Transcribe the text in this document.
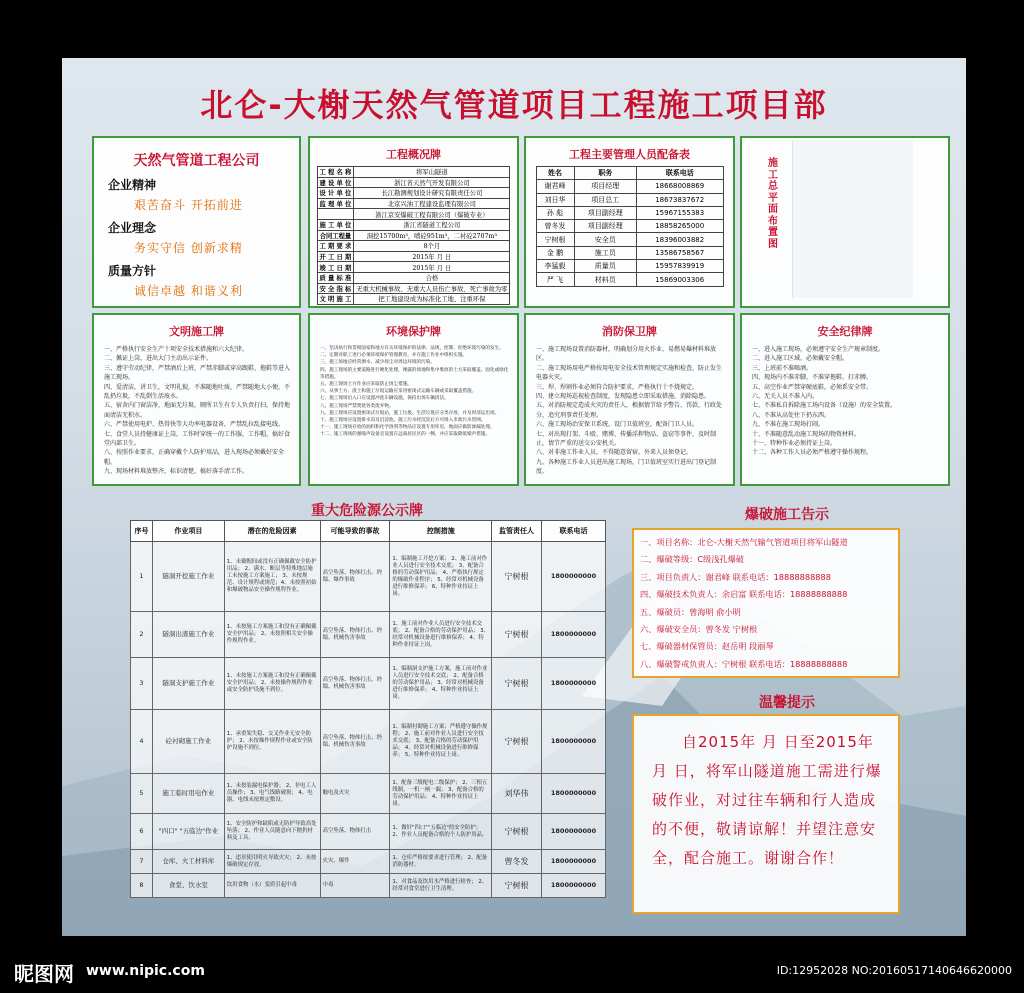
北仑-大榭天然气管道项目工程施工项目部
天然气管道工程公司
企业精神
艰苦奋斗 开拓前进
企业理念
务实守信 创新求精
质量方针
诚信卓越 和谐义利
工程概况牌
工 程 名 称	将军山隧道
建 设 单 位	浙江省天然气开发有限公司
设 计 单 位	长江勘测规划设计研究有限责任公司
监 理 单 位	北京兴油工程建设监理有限公司
	浙江京安爆破工程有限公司（爆破专业）
施 工 单 位	浙江省隧道工程公司
合同工程量	洞挖15700m³，喷砼951m³，二衬砼2707m³
工 期 要 求	8个月
开 工 日 期	2015年 月 日
竣 工 日 期	2015年 月 日
质 量 标 准	合格
安 全 指 标	无重大机械事故、无重大人员伤亡事故、死亡事故为零
文 明 施 工	把工地建设成为标准化工地、注重环保
工程主要管理人员配备表
姓名	职务	联系电话
谢君峰	项目经理	18668008869
刘日华	项目总工	18673837672
孙 彪	项目副经理	15967155383
曾冬发	项目副经理	18858265000
宁树根	安全员	18396003882
金 鹏	施工员	13586758567
李猛毅	质量员	15957839919
严 飞	材料员	15869003306
施工总平面布置图
文明施工牌
一、严格执行安全生产十项安全技术措施和六大纪律。
二、佩证上岗，进出大门主动出示证件。
三、遵守劳动纪律，严禁酒后上班，严禁赤脚或穿高跟鞋、拖鞋等进入施工现场。
四、爱清洁，讲卫生，文明礼貌，不准随地吐痰，严禁随地大小便，不乱扔垃圾，不乱倒生活废水。
五、宿舍内门窗洁净，地面无垃圾，厕所卫生有专人负责打扫，保持地面清洁无积水。
六、严禁使用电炉、热得快等大功率电器设备，严禁乱拉乱接电线。
七、食堂人员持健康证上岗，工作时穿统一的工作服，工作帽，搞好食堂内部卫生。
八、按照作业要求，正确穿戴个人防护用品，进入现场必须戴好安全帽。
九、现场材料堆放整齐，标识清楚，搞好落手清工作。
环境保护牌
一、坚决执行和贯彻国家和地方有关环境保护的法律、法规，控制、杜绝环境污染的发生。
二、定期对职工进行必须环境保护管理教育，并在施工作业中组织实施。
三、施工场地应经常洒水，减少扬尘对周边环境的污染。
四、施工现场的主要道路进行硬化处理，裸露的场地和集中堆放的土方采取覆盖、固化或绿化等措施。
五、施工现场土方作业应采取防止扬尘措施。
六、从事土方、渣土和施工垃圾运输应采用密闭式运输车辆或采取覆盖措施。
七、施工现场出入口应设置冲洗车辆设施，保持出场车辆清洁。
八、施工现场严禁焚烧各类废弃物。
九、施工现场应设置密闭式垃圾站，施工垃圾、生活垃圾应分类存放，并及时清运出场。
十、施工现场应设置排水沟及沉淀池，施工污水经沉淀后方可排入市政污水管网。
十一、施工现场存放的油料和化学溶剂等物品应设置专用库房，地面应做防渗漏处理。
十二、施工现场的强噪声设备宜设置在远离居民区的一侧，并应采取降低噪声措施。
消防保卫牌
一、施工现场设置消防器材，明确划分用火作业、易燃易爆材料堆放区。
二、施工现场用电严格按用电安全技术管理规定实施和检查，防止发生电器火灾。
三、焊、焊割作业必须符合防护要求，严格执行十不烧规定。
四、建立现场巡视检查制度，发现隐患立即采取措施，消除隐患。
五、对消防规定造成火灾的责任人，根据情节给予警告、罚款、行政处分，追究刑事责任处理。
六、施工现场治安保卫系统，设门卫值班室，配备门卫人员。
七、对出现打架、斗殴、赌博、传播淫秽物品、盗窃等事件，及时制止，情节严重的送交公安机关。
八、对非施工作业人员，不得随意留宿，外来人员须登记。
九、各种施工作业人员进出施工现场，门卫值班室实行进出门登记制度。
安全纪律牌
一、进入施工现场，必须遵守安全生产规章制度。
二、进入施工区域，必须戴安全帽。
三、上班前不准喝酒。
四、现场内不准赤脚，不准穿拖鞋、打赤膊。
五、高空作业严禁穿硬底鞋，必须系安全带。
六、无关人员不准入内。
七、不准私自拆除施工场内设备（设施）的安全装置。
八、不准从高处往下扔东西。
九、不准在施工现场打闹。
十、不准随意乱动施工现场的物资材料。
十一、特种作业必须持证上岗。
十二、各种工作人员必须严格遵守操作规程。
重大危险源公示牌
序号	作业项目	潜在的危险因素	可能导致的事故	控制措施	监管责任人	联系电话
1	隧洞开挖施工作业	1、未戴帽间或没有正确佩戴安全防护用品； 2、满水、断层等特殊地层施工未按施工方案施工； 3、未按规范、设计规程或规范；4、未按照初始和爆破物品安全操作规程作业。	高空坠落、物体打击、坍塌、爆炸事故	1、编制施工开挖方案； 2、施工前对作业人员进行安全技术交底； 3、配备合格的劳动保护用品； 4、严格执行规定的爆破作业程序； 5、经常对机械设备进行维修保养； 6、特种作业持证上岗。	宁树根	1800000000
2	隧洞出渣施工作业	1、未按施工方案施工和没有正确佩戴安全护用品； 2、未按照相关安全操作规程作业。	高空坠落、物体打击、坍塌、机械伤害事故	1、施工前对作业人员进行安全技术交底； 2、配备合格的劳动保护用品； 3、经常对机械设备进行维修保养； 4、特种作业持证上岗。	宁树根	1800000000
3	隧洞支护施工作业	1、未按施工方案施工和没有正确佩戴安全护用品； 2、未按操作规程作业或安全防护设施不到位。	高空坠落、物体打击、坍塌、机械伤害事故	1、编制洞支护施工方案，施工前对作业人员进行安全技术交底； 2、配备合格的劳动保护用品； 3、经常对机械设备进行维修保养； 4、特种作业持证上岗。	宁树根	1800000000
4	砼衬砌施工作业	1、承重架失稳、交叉作业无安全防护； 2、未按操作规程作业或安全防护设施不到位。	高空坠落、物体打击、坍塌、机械伤害事故	1、编制衬砌施工方案；严格遵守操作规程； 2、施工前对作业人员进行安全技术交底； 3、配备合格的劳动保护用品； 4、经常对机械设备进行维修保养； 5、特种作业持证上岗。	宁树根	1800000000
5	施工临时用电作业	1、未按装漏电保护器； 2、非电工人员操作； 3、电气线路破损； 4、电器、电线未按规定敷设。	触电及火灾	1、配备三级配电二级保护； 2、三相五线制，一机一闸一漏； 3、配备合格的劳动保护用品； 4、特种作业持证上岗。	刘华伟	1800000000
6	"四口" "五临边"作业	1、安全防护和缺陷或无防护导致高处坠落； 2、作业人员随意向下抛扔材料及工具。	高空坠落、物体打击	1、做好"四口""五临边"的安全防护； 2、作业人员配备合格的个人防护用品。	宁树根	1800000000
7	仓库、火工材料库	1、违章使用明火导致火灾； 2、未按爆破规定存放。	火灾、爆炸	1、仓库严格按要求进行管理； 2、配备消防器材。	曾冬发	1800000000
8	食堂、饮水室	饮用食物（水）变质引起中毒	中毒	1、对食品及饮用水严格进行检查； 2、经常对食堂进行卫生清理。	宁树根	1800000000
爆破施工告示
一、项目名称：北仑-大榭天然气输气管道项目将军山隧道
二、爆破等级：C级浅孔爆破
三、项目负责人：谢君峰 联系电话：18888888888
四、爆破技术负责人：余启富 联系电话：18888888888
五、爆破员：曾海明 俞小明
六、爆破安全员：曾冬发 宁树根
七、爆破器材保管员：赵岳明 段丽琴
八、爆破警戒负责人：宁树根 联系电话：18888888888
温馨提示
自2015年 月 日至2015年 月 日，将军山隧道施工需进行爆破作业，对过往车辆和行人造成的不便，敬请谅解！并望注意安全，配合施工。谢谢合作！
昵图网 www.nipic.com	ID:12952028 NO:20160517140646620000
